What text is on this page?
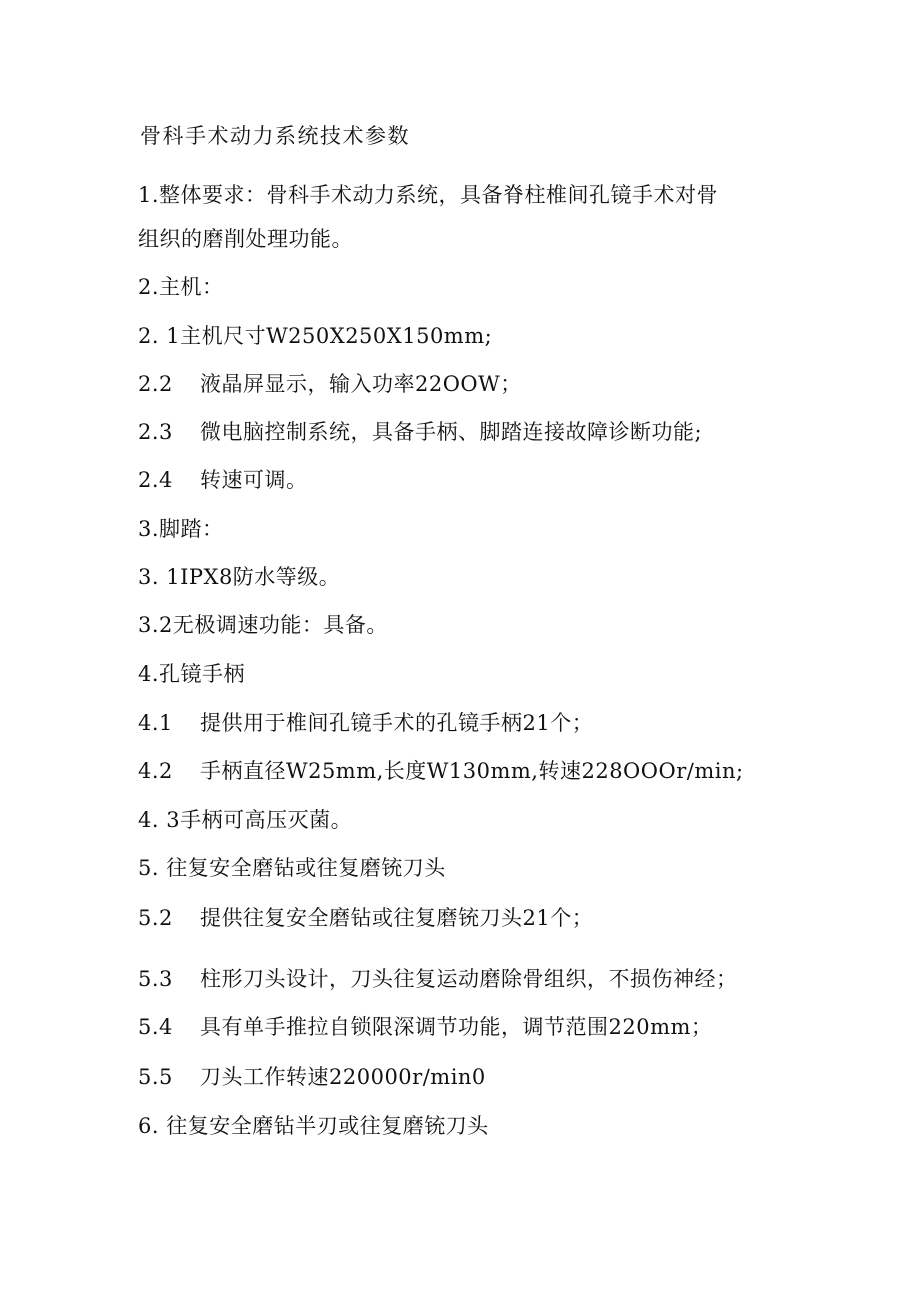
骨科手术动力系统技术参数
1.整体要求：骨科手术动力系统，具备脊柱椎间孔镜手术对骨
组织的磨削处理功能。
2.主机：
2. 1主机尺寸W250X250X150mm;
2.2 液晶屏显示，输入功率22OOW；
2.3 微电脑控制系统，具备手柄、脚踏连接故障诊断功能;
2.4 转速可调。
3.脚踏：
3. 1IPX8防水等级。
3.2无极调速功能：具备。
4.孔镜手柄
4.1 提供用于椎间孔镜手术的孔镜手柄21个；
4.2 手柄直径W25mm,长度W130mm,转速228OOOr∕min;
4. 3手柄可高压灭菌。
5. 往复安全磨钻或往复磨铳刀头
5.2 提供往复安全磨钻或往复磨铳刀头21个；
5.3 柱形刀头设计，刀头往复运动磨除骨组织，不损伤神经；
5.4 具有单手推拉自锁限深调节功能，调节范围220mm；
5.5 刀头工作转速220000r∕min0
6. 往复安全磨钻半刃或往复磨铳刀头
